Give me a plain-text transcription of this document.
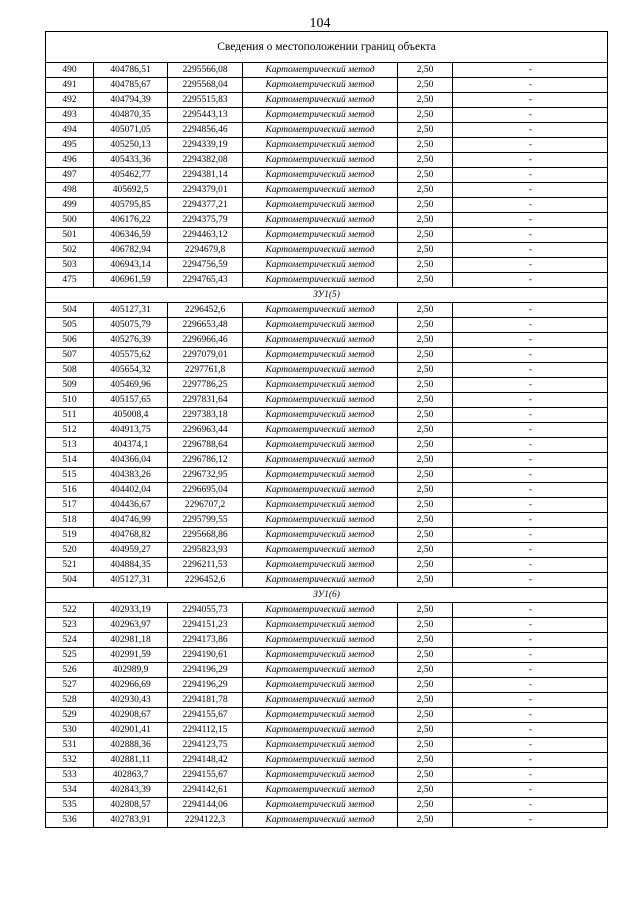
104
Сведения о местоположении границ объекта					
490	404786,51	2295566,08	Картометрический метод	2,50	-
491	404785,67	2295568,04	Картометрический метод	2,50	-
492	404794,39	2295515,83	Картометрический метод	2,50	-
493	404870,35	2295443,13	Картометрический метод	2,50	-
494	405071,05	2294856,46	Картометрический метод	2,50	-
495	405250,13	2294339,19	Картометрический метод	2,50	-
496	405433,36	2294382,08	Картометрический метод	2,50	-
497	405462,77	2294381,14	Картометрический метод	2,50	-
498	405692,5	2294379,01	Картометрический метод	2,50	-
499	405795,85	2294377,21	Картометрический метод	2,50	-
500	406176,22	2294375,79	Картометрический метод	2,50	-
501	406346,59	2294463,12	Картометрический метод	2,50	-
502	406782,94	2294679,8	Картометрический метод	2,50	-
503	406943,14	2294756,59	Картометрический метод	2,50	-
475	406961,59	2294765,43	Картометрический метод	2,50	-
ЗУ1(5)					
504	405127,31	2296452,6	Картометрический метод	2,50	-
505	405075,79	2296653,48	Картометрический метод	2,50	-
506	405276,39	2296966,46	Картометрический метод	2,50	-
507	405575,62	2297079,01	Картометрический метод	2,50	-
508	405654,32	2297761,8	Картометрический метод	2,50	-
509	405469,96	2297786,25	Картометрический метод	2,50	-
510	405157,65	2297831,64	Картометрический метод	2,50	-
511	405008,4	2297383,18	Картометрический метод	2,50	-
512	404913,75	2296963,44	Картометрический метод	2,50	-
513	404374,1	2296788,64	Картометрический метод	2,50	-
514	404366,04	2296786,12	Картометрический метод	2,50	-
515	404383,26	2296732,95	Картометрический метод	2,50	-
516	404402,04	2296695,04	Картометрический метод	2,50	-
517	404436,67	2296707,2	Картометрический метод	2,50	-
518	404746,99	2295799,55	Картометрический метод	2,50	-
519	404768,82	2295668,86	Картометрический метод	2,50	-
520	404959,27	2295823,93	Картометрический метод	2,50	-
521	404884,35	2296211,53	Картометрический метод	2,50	-
504	405127,31	2296452,6	Картометрический метод	2,50	-
ЗУ1(6)					
522	402933,19	2294055,73	Картометрический метод	2,50	-
523	402963,97	2294151,23	Картометрический метод	2,50	-
524	402981,18	2294173,86	Картометрический метод	2,50	-
525	402991,59	2294190,61	Картометрический метод	2,50	-
526	402989,9	2294196,29	Картометрический метод	2,50	-
527	402966,69	2294196,29	Картометрический метод	2,50	-
528	402930,43	2294181,78	Картометрический метод	2,50	-
529	402908,67	2294155,67	Картометрический метод	2,50	-
530	402901,41	2294112,15	Картометрический метод	2,50	-
531	402888,36	2294123,75	Картометрический метод	2,50	-
532	402881,11	2294148,42	Картометрический метод	2,50	-
533	402863,7	2294155,67	Картометрический метод	2,50	-
534	402843,39	2294142,61	Картометрический метод	2,50	-
535	402808,57	2294144,06	Картометрический метод	2,50	-
536	402783,91	2294122,3	Картометрический метод	2,50	-
